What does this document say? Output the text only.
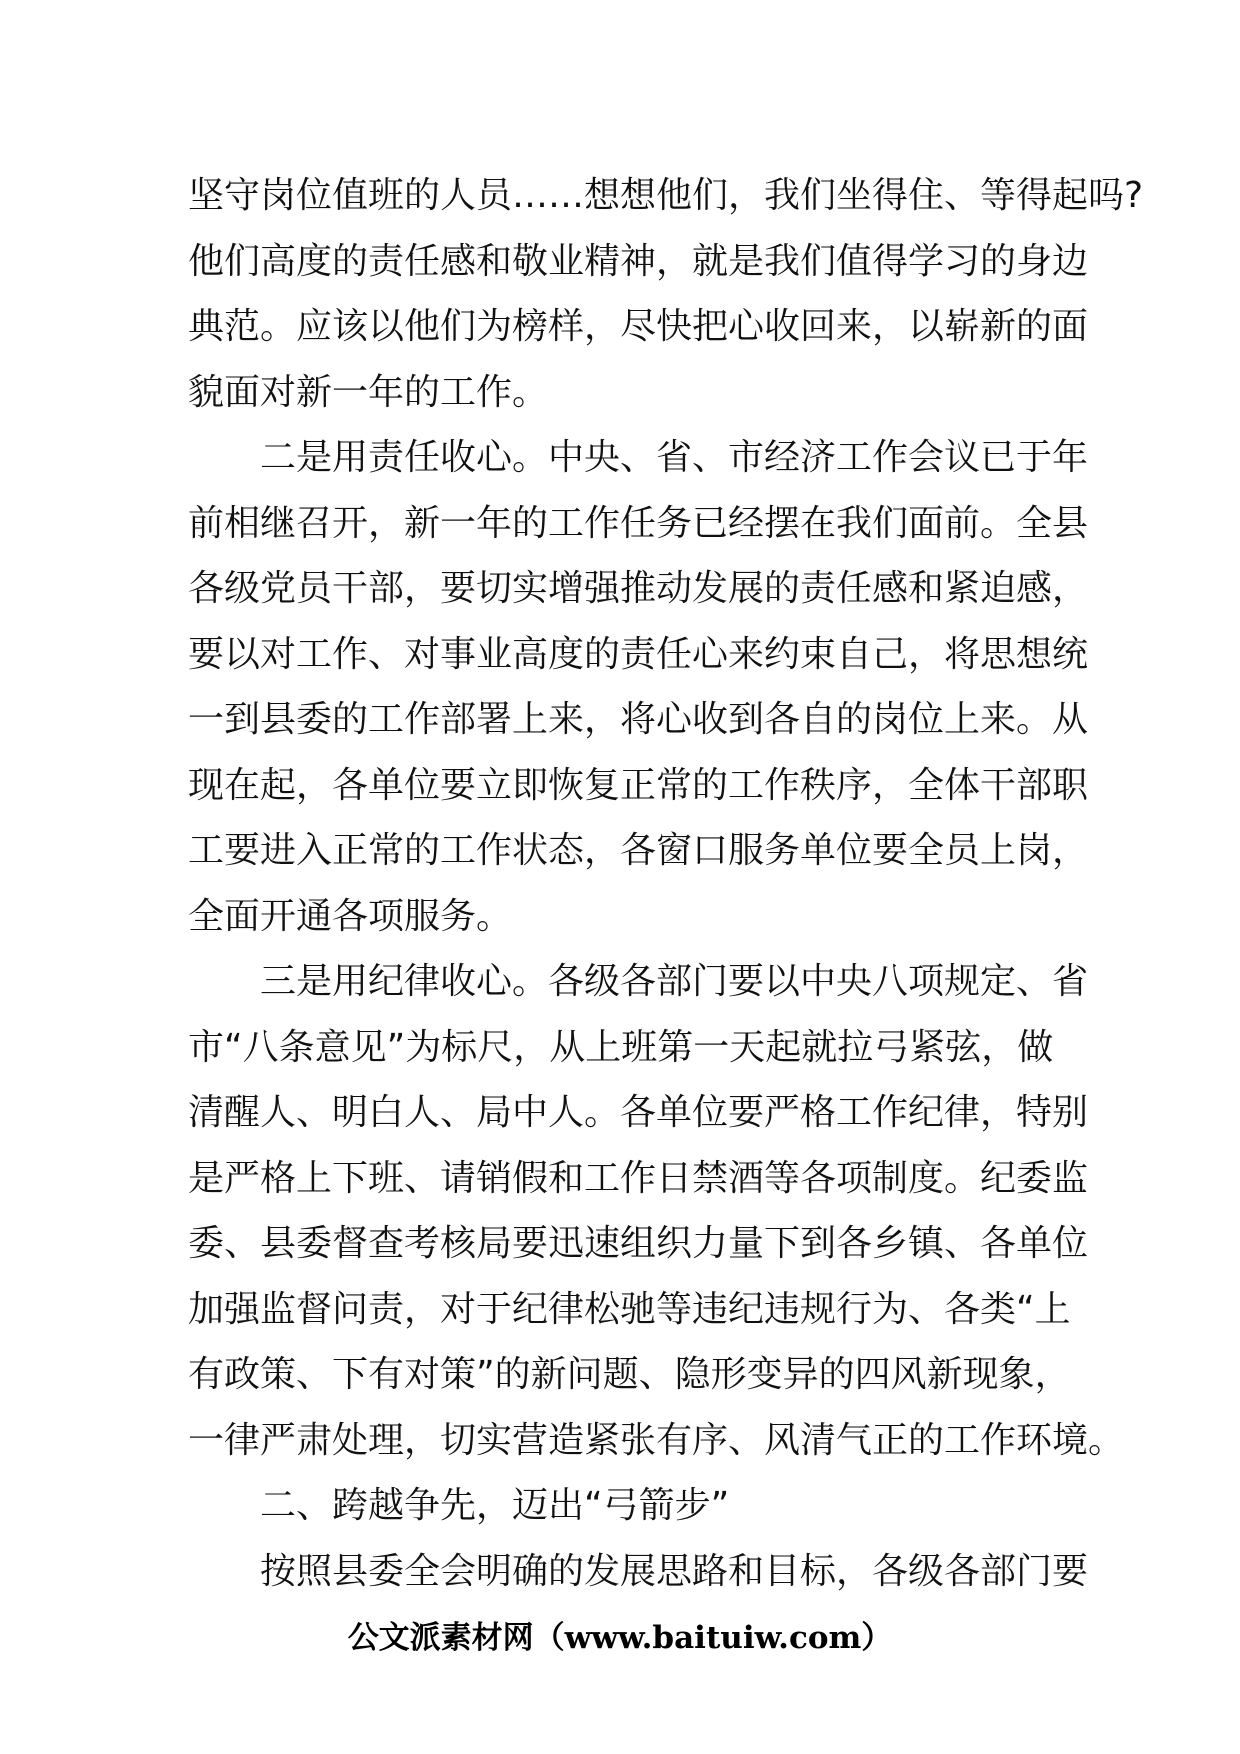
坚守岗位值班的人员……想想他们，我们坐得住、等得起吗?
他们高度的责任感和敬业精神，就是我们值得学习的身边
典范。应该以他们为榜样，尽快把心收回来，以崭新的面
貌面对新一年的工作。
二是用责任收心。中央、省、市经济工作会议已于年
前相继召开，新一年的工作任务已经摆在我们面前。全县
各级党员干部，要切实增强推动发展的责任感和紧迫感，
要以对工作、对事业高度的责任心来约束自己，将思想统
一到县委的工作部署上来，将心收到各自的岗位上来。从
现在起，各单位要立即恢复正常的工作秩序，全体干部职
工要进入正常的工作状态，各窗口服务单位要全员上岗，
全面开通各项服务。
三是用纪律收心。各级各部门要以中央八项规定、省
市“八条意见”为标尺，从上班第一天起就拉弓紧弦，做
清醒人、明白人、局中人。各单位要严格工作纪律，特别
是严格上下班、请销假和工作日禁酒等各项制度。纪委监
委、县委督查考核局要迅速组织力量下到各乡镇、各单位
加强监督问责，对于纪律松驰等违纪违规行为、各类“上
有政策、下有对策”的新问题、隐形变异的四风新现象，
一律严肃处理，切实营造紧张有序、风清气正的工作环境。
二、跨越争先，迈出“弓箭步”
按照县委全会明确的发展思路和目标，各级各部门要
公文派素材网（www.baituiw.com）
